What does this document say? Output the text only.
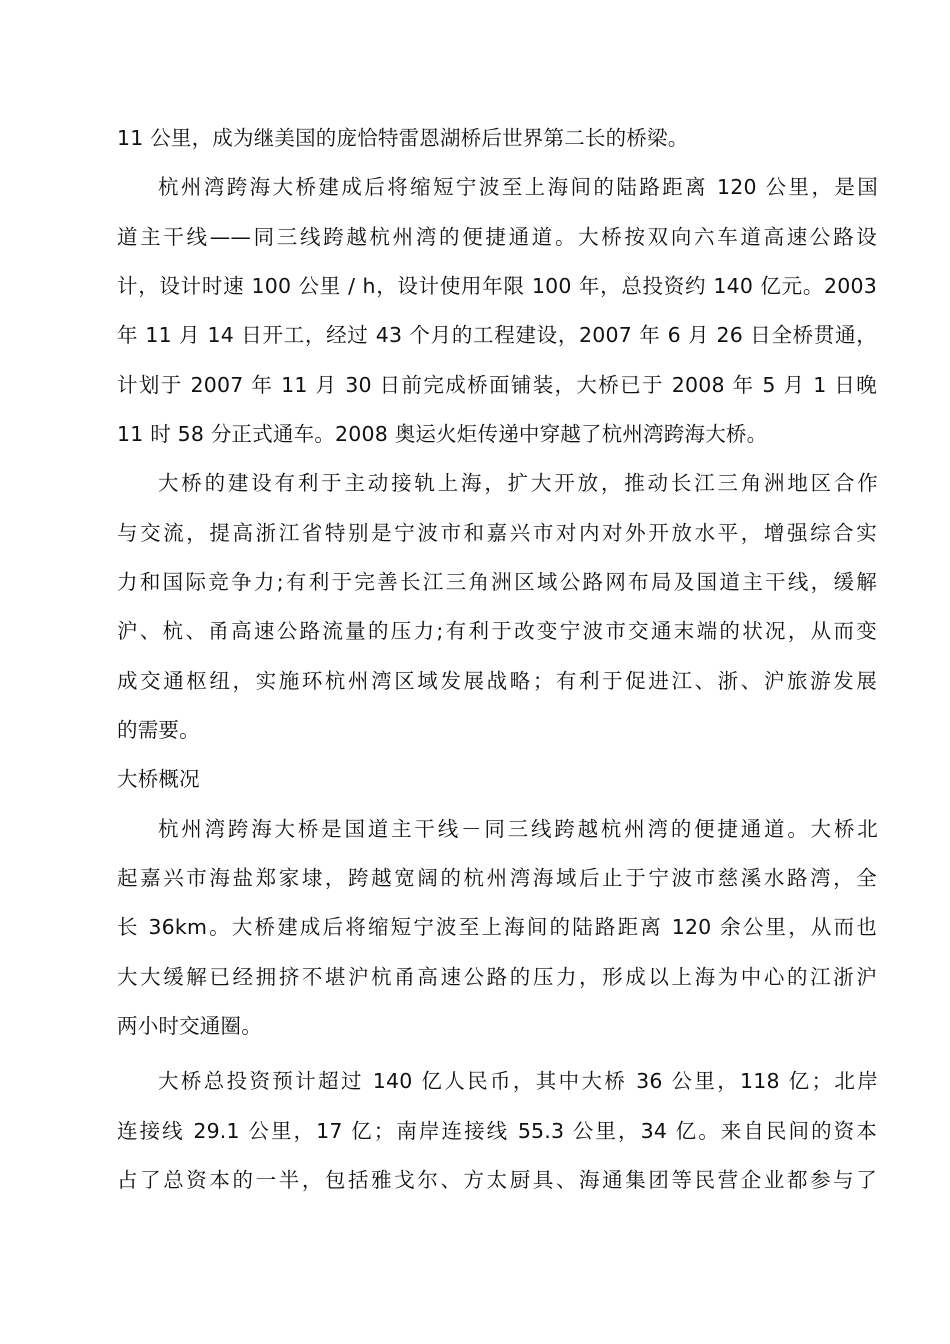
11 公里，成为继美国的庞恰特雷恩湖桥后世界第二长的桥梁。
杭州湾跨海大桥建成后将缩短宁波至上海间的陆路距离 120 公里，是国
道主干线——同三线跨越杭州湾的便捷通道。大桥按双向六车道高速公路设
计，设计时速 100 公里 / h，设计使用年限 100 年，总投资约 140 亿元。2003
年 11 月 14 日开工，经过 43 个月的工程建设，2007 年 6 月 26 日全桥贯通，
计划于 2007 年 11 月 30 日前完成桥面铺装，大桥已于 2008 年 5 月 1 日晚
11 时 58 分正式通车。2008 奥运火炬传递中穿越了杭州湾跨海大桥。
大桥的建设有利于主动接轨上海，扩大开放，推动长江三角洲地区合作
与交流，提高浙江省特别是宁波市和嘉兴市对内对外开放水平，增强综合实
力和国际竞争力;有利于完善长江三角洲区域公路网布局及国道主干线，缓解
沪、杭、甬高速公路流量的压力;有利于改变宁波市交通末端的状况，从而变
成交通枢纽，实施环杭州湾区域发展战略；有利于促进江、浙、沪旅游发展
的需要。
大桥概况
杭州湾跨海大桥是国道主干线－同三线跨越杭州湾的便捷通道。大桥北
起嘉兴市海盐郑家埭，跨越宽阔的杭州湾海域后止于宁波市慈溪水路湾，全
长 36km。大桥建成后将缩短宁波至上海间的陆路距离 120 余公里，从而也
大大缓解已经拥挤不堪沪杭甬高速公路的压力，形成以上海为中心的江浙沪
两小时交通圈。
大桥总投资预计超过 140 亿人民币，其中大桥 36 公里，118 亿；北岸
连接线 29.1 公里，17 亿；南岸连接线 55.3 公里，34 亿。来自民间的资本
占了总资本的一半，包括雅戈尔、方太厨具、海通集团等民营企业都参与了
